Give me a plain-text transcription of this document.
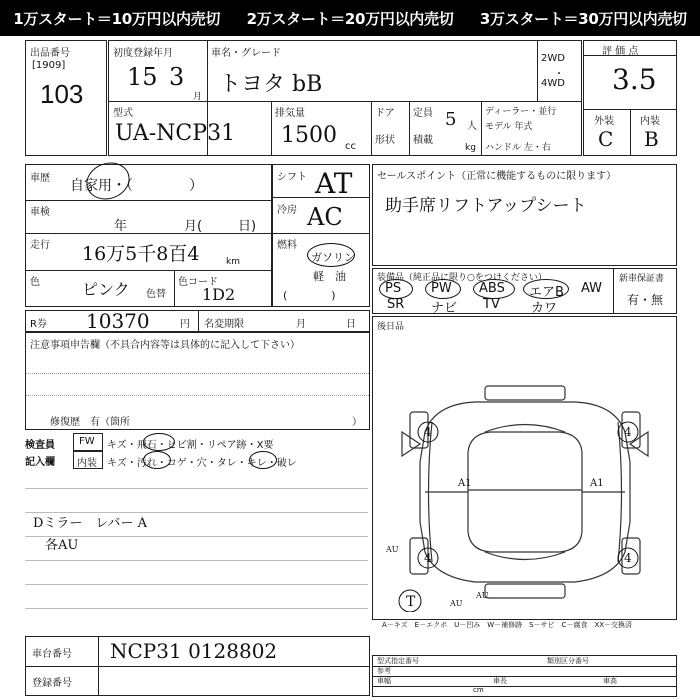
1万スタート＝10万円以内売切 2万スタート＝20万円以内売切 3万スタート＝30万円以内売切
出品番号
[1909]
103
初度登録年月
15 3
月
車名・グレード
トヨタ bB
2WD
・
4WD
型式
UA-NCP31
排気量
1500 cc
ドア
形状
定員 5 人
積載
kg
ディーラー・並行
モデル 年式
ハンドル 左・右
評 価 点
3.5
外装	内装
C B
車歴 自家用・（　　　　）
車検
年	月(	日)
走行 16万5千8百4	km
色	ピンク 色替
色コード
1D2
シフト AT
冷房 AC
燃料
ガソリン
軽　油
(　　　　)
セールスポイント（正常に機能するものに限ります）
助手席リフトアップシート
装備品（純正品に限り○をつけください）
PS PW ABS エアB AW
SR ナビ TV カワ
新車保証書
有・無
R券 10370	円 名変期限	月	日 後日品
注意事項申告欄（不具合内容等は具体的に記入して下さい）
修復歴　有（箇所	）
検査員
記入欄
FW
内装
キズ・飛石・ヒビ割・リペア跡・X要
キズ・汚れ・コゲ・穴・タレ・キレ・破レ
Dミラー　レバー A
各AU
4	4
A1	A1
4	4
T
AU
AU
AU
A－キズ　E－エクボ　U－凹み　W－補修跡　S－サビ　C－腐食　XX－交換済
車台番号 NCP31 0128802
登録番号
型式指定番号	類別区分番号
参考
車幅	車長	車高
cm
